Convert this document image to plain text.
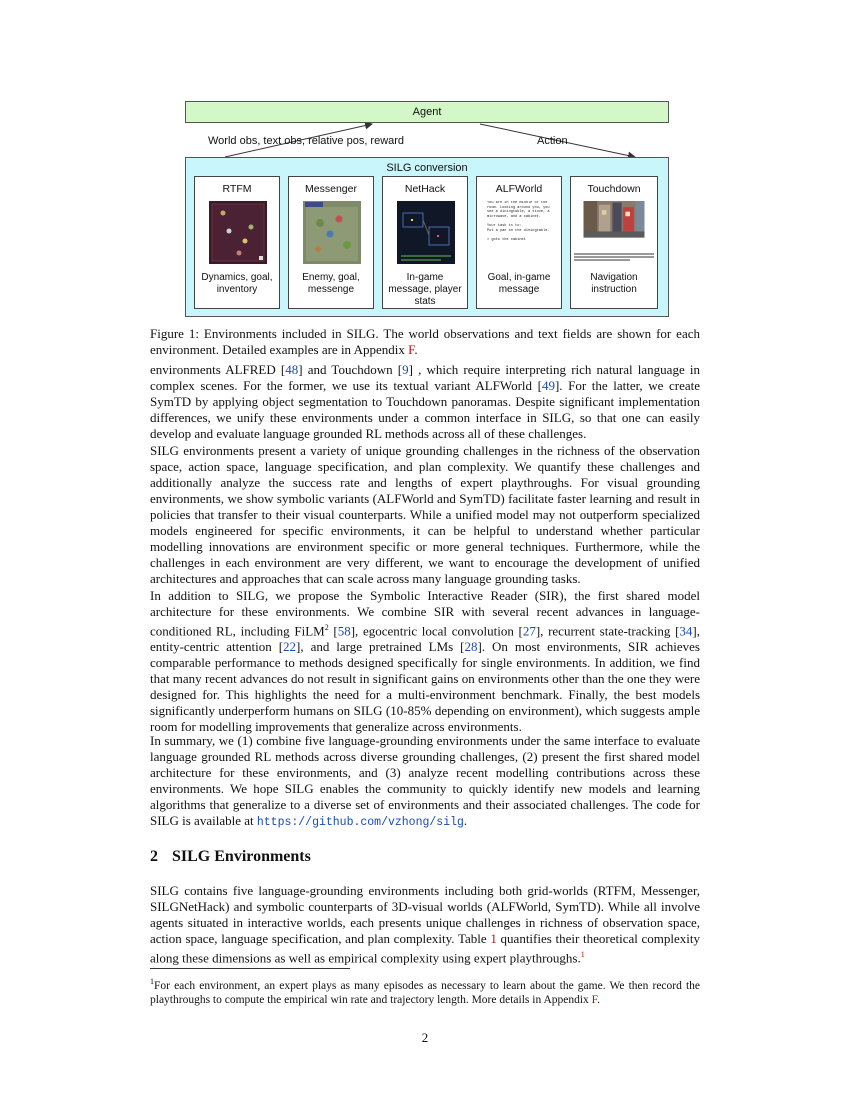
Agent
World obs, text obs, relative pos, reward	Action
SILG conversion
RTFM
Dynamics, goal, inventory
Messenger
Enemy, goal, messenge
NetHack
In-game message, player stats
ALFWorld
You are in the middle of the room. Looking around you, you see a diningtable, a stove, a microwave, and a cabinet.

Your task is to:
Put a pan on the diningtable.

> goto the cabinet
Goal, in-game message
Touchdown
Navigation instruction
Figure 1: Environments included in SILG. The world observations and text fields are shown for each environment. Detailed examples are in Appendix F.
environments ALFRED [48] and Touchdown [9] , which require interpreting rich natural language in complex scenes. For the former, we use its textual variant ALFWorld [49]. For the latter, we create SymTD by applying object segmentation to Touchdown panoramas. Despite significant implementation differences, we unify these environments under a common interface in SILG, so that one can easily develop and evaluate language grounded RL methods across all of these challenges.
SILG environments present a variety of unique grounding challenges in the richness of the observation space, action space, language specification, and plan complexity. We quantify these challenges and additionally analyze the success rate and lengths of expert playthroughs. For visual grounding environments, we show symbolic variants (ALFWorld and SymTD) facilitate faster learning and result in policies that transfer to their visual counterparts. While a unified model may not outperform specialized models engineered for specific environments, it can be helpful to understand whether particular modelling innovations are environment specific or more general techniques. Furthermore, while the challenges in each environment are very different, we want to encourage the development of unified architectures and approaches that can scale across many language grounding tasks.
In addition to SILG, we propose the Symbolic Interactive Reader (SIR), the first shared model architecture for these environments. We combine SIR with several recent advances in language-conditioned RL, including FiLM$^2$ [58], egocentric local convolution [27], recurrent state-tracking [34], entity-centric attention [22], and large pretrained LMs [28]. On most environments, SIR achieves comparable performance to methods designed specifically for single environments. In addition, we find that many recent advances do not result in significant gains on environments other than the one they were designed for. This highlights the need for a multi-environment benchmark. Finally, the best models significantly underperform humans on SILG (10-85% depending on environment), which suggests ample room for modelling improvements that generalize across environments.
In summary, we (1) combine five language-grounding environments under the same interface to evaluate language grounded RL methods across diverse grounding challenges, (2) present the first shared model architecture for these environments, and (3) analyze recent modelling contributions across these environments. We hope SILG enables the community to quickly identify new models and learning algorithms that generalize to a diverse set of environments and their associated challenges. The code for SILG is available at https://github.com/vzhong/silg.
2 SILG Environments
SILG contains five language-grounding environments including both grid-worlds (RTFM, Messenger, SILGNetHack) and symbolic counterparts of 3D-visual worlds (ALFWorld, SymTD). While all involve agents situated in interactive worlds, each presents unique challenges in richness of observation space, action space, language specification, and plan complexity. Table 1 quantifies their theoretical complexity along these dimensions as well as empirical complexity using expert playthroughs.$^1$
$^1$For each environment, an expert plays as many episodes as necessary to learn about the game. We then record the playthroughs to compute the empirical win rate and trajectory length. More details in Appendix F.
2
